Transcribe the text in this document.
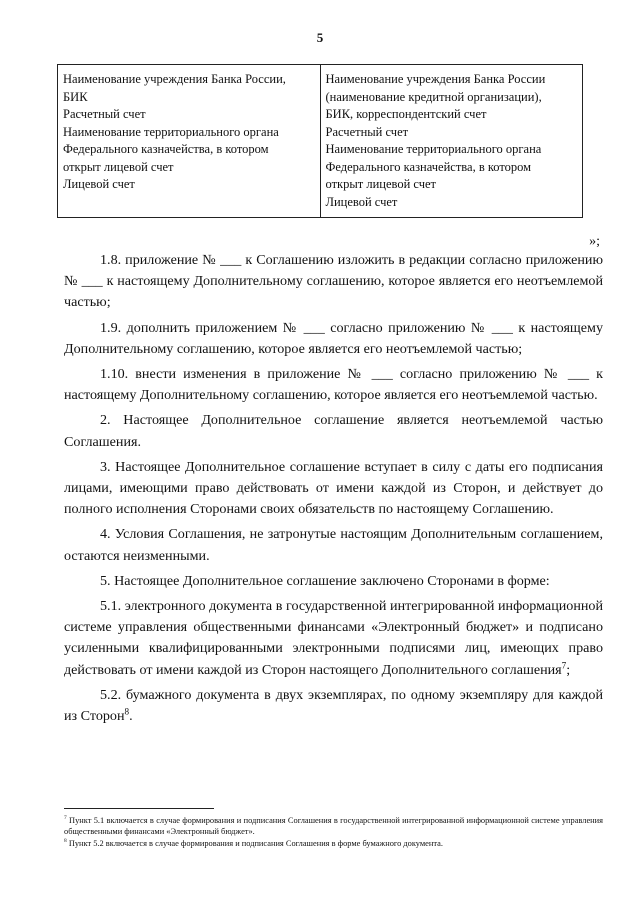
5
Наименование учреждения Банка России,
БИК
Расчетный счет
Наименование территориального органа
Федерального казначейства, в котором
открыт лицевой счет
Лицевой счет

Наименование учреждения Банка России
(наименование кредитной организации),
БИК, корреспондентский счет
Расчетный счет
Наименование территориального органа
Федерального казначейства, в котором
открыт лицевой счет
Лицевой счет
»;

1.8. приложение № ___ к Соглашению изложить в редакции согласно приложению № ___ к настоящему Дополнительному соглашению, которое является его неотъемлемой частью;

1.9. дополнить приложением № ___ согласно приложению № ___ к настоящему Дополнительному соглашению, которое является его неотъемлемой частью;

1.10. внести изменения в приложение № ___ согласно приложению № ___ к настоящему Дополнительному соглашению, которое является его неотъемлемой частью.

2. Настоящее Дополнительное соглашение является неотъемлемой частью Соглашения.

3. Настоящее Дополнительное соглашение вступает в силу с даты его подписания лицами, имеющими право действовать от имени каждой из Сторон, и действует до полного исполнения Сторонами своих обязательств по настоящему Соглашению.

4. Условия Соглашения, не затронутые настоящим Дополнительным соглашением, остаются неизменными.

5. Настоящее Дополнительное соглашение заключено Сторонами в форме:

5.1. электронного документа в государственной интегрированной информационной системе управления общественными финансами «Электронный бюджет» и подписано усиленными квалифицированными электронными подписями лиц, имеющих право действовать от имени каждой из Сторон настоящего Дополнительного соглашения$^7$;

5.2. бумажного документа в двух экземплярах, по одному экземпляру для каждой из Сторон$^8$.

$^7$ Пункт 5.1 включается в случае формирования и подписания Соглашения в государственной интегрированной информационной системе управления общественными финансами «Электронный бюджет».

$^8$ Пункт 5.2 включается в случае формирования и подписания Соглашения в форме бумажного документа.
